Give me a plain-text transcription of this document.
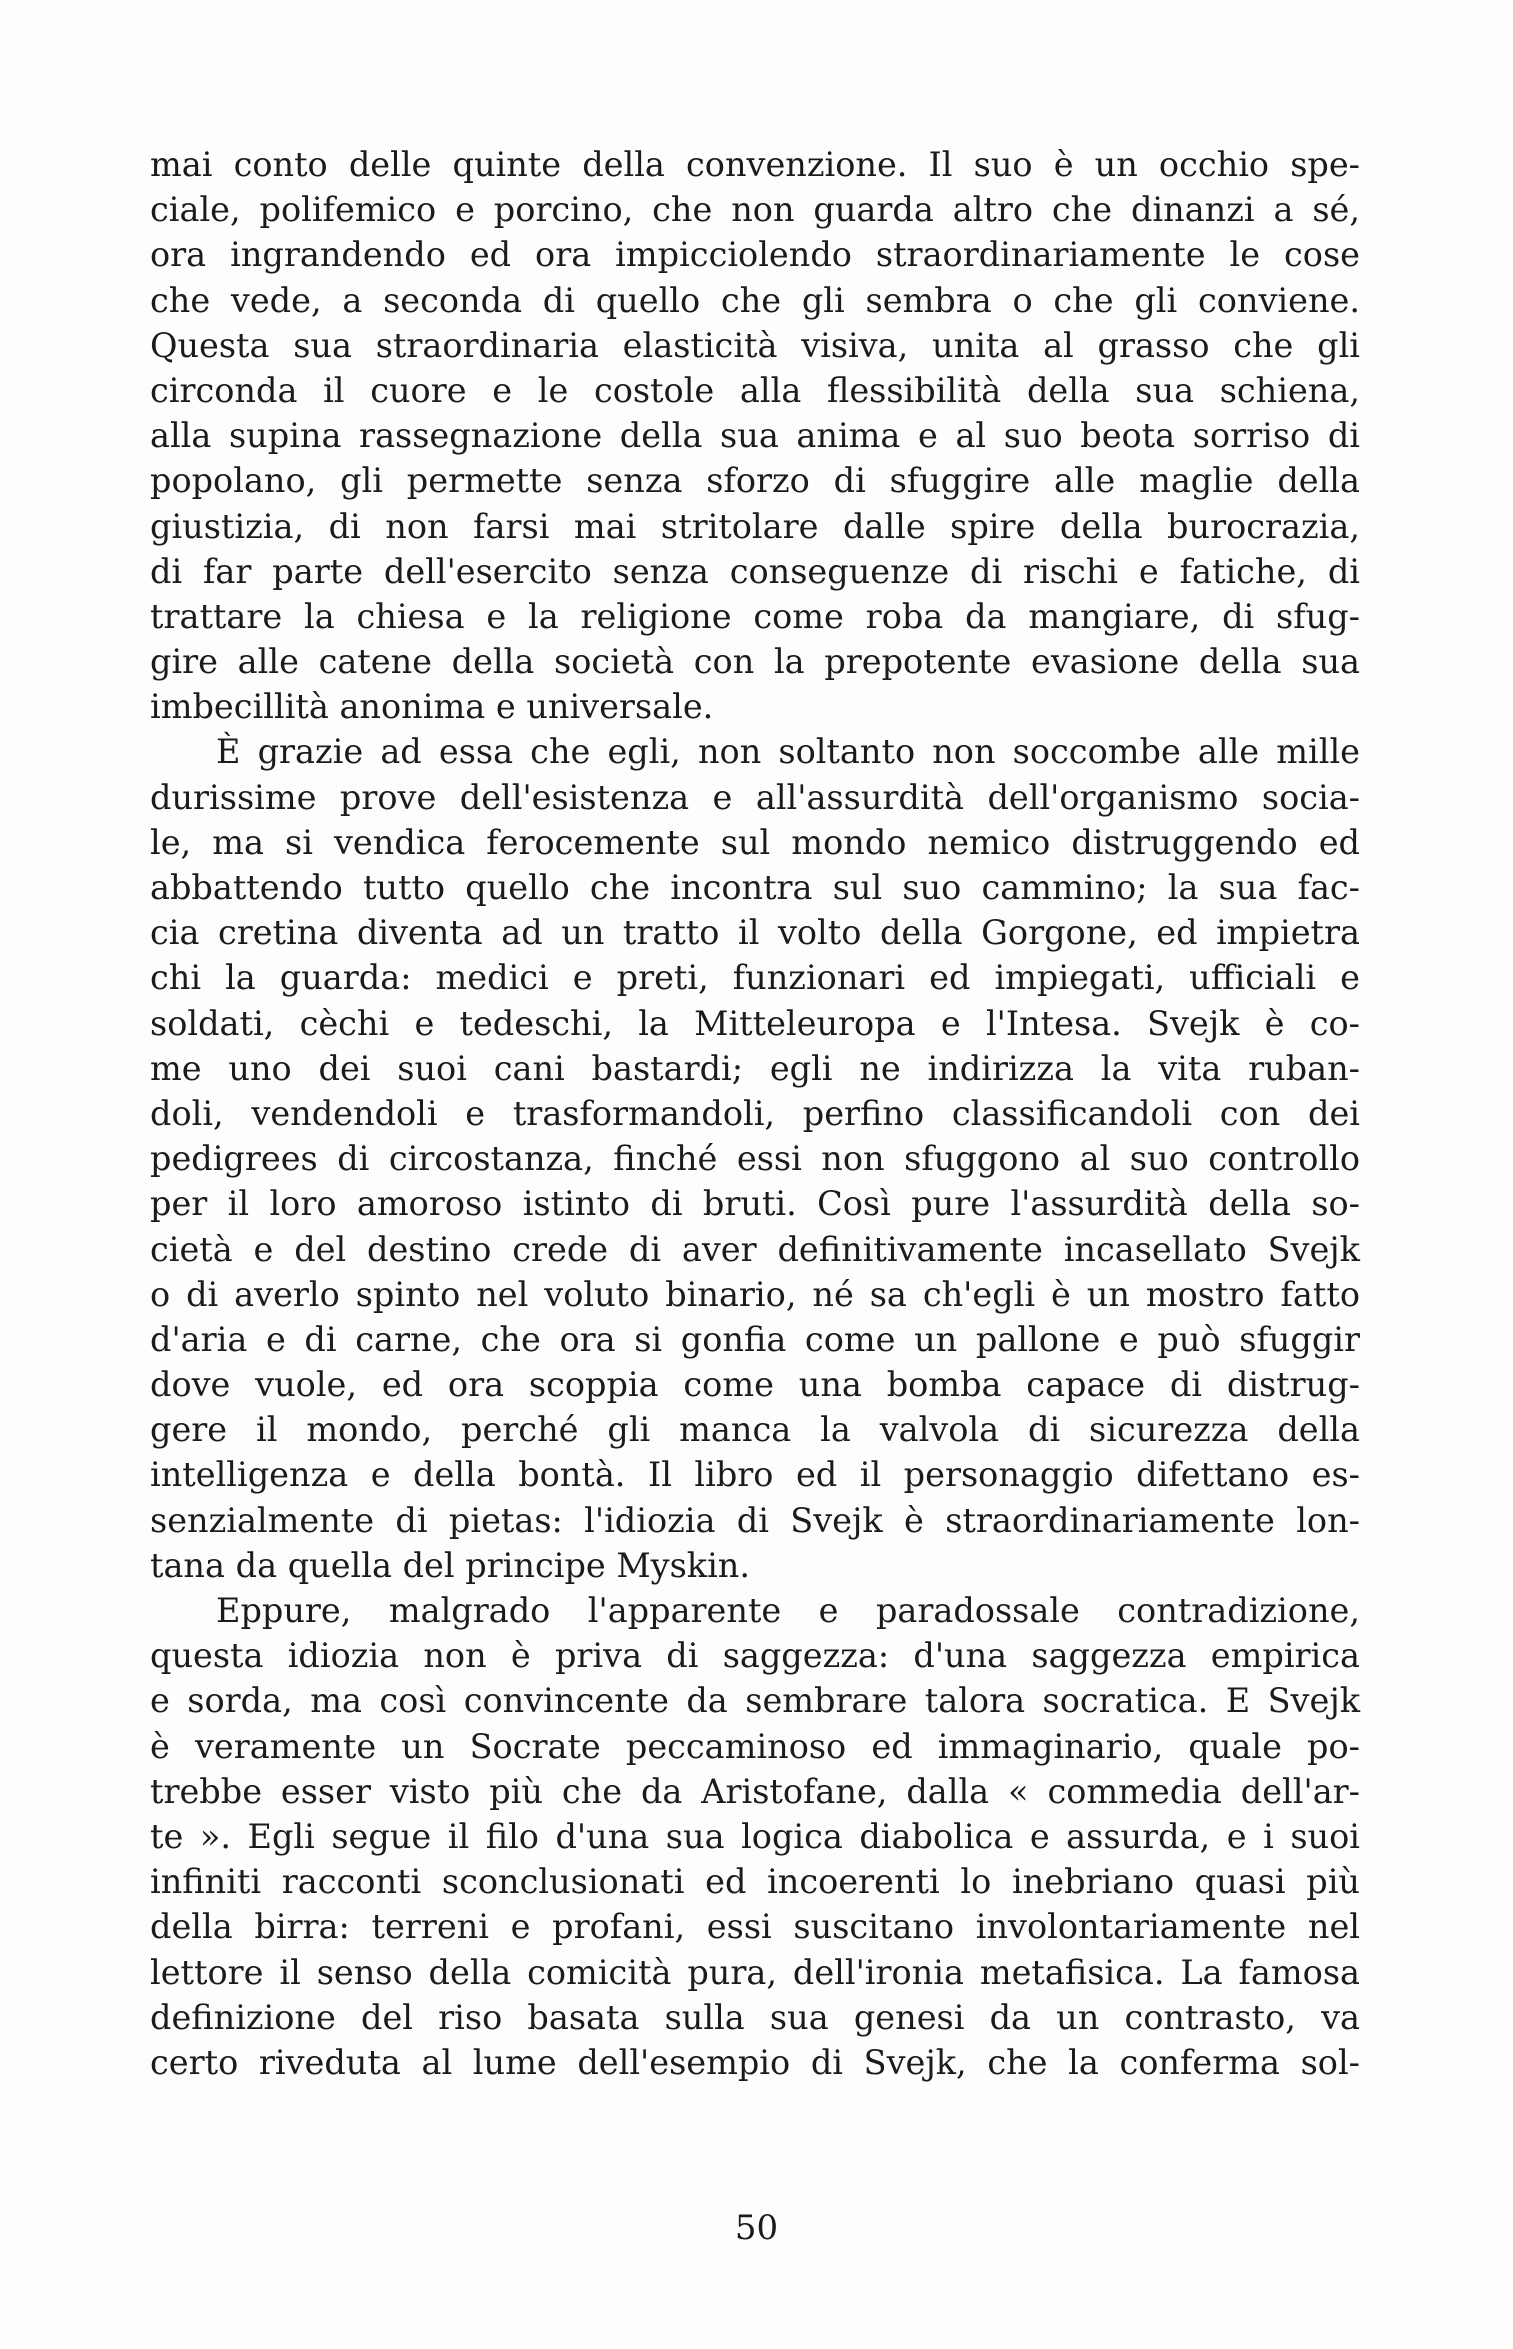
mai conto delle quinte della convenzione. Il suo è un occhio spe-
ciale, polifemico e porcino, che non guarda altro che dinanzi a sé,
ora ingrandendo ed ora impicciolendo straordinariamente le cose
che vede, a seconda di quello che gli sembra o che gli conviene.
Questa sua straordinaria elasticità visiva, unita al grasso che gli
circonda il cuore e le costole alla flessibilità della sua schiena,
alla supina rassegnazione della sua anima e al suo beota sorriso di
popolano, gli permette senza sforzo di sfuggire alle maglie della
giustizia, di non farsi mai stritolare dalle spire della burocrazia,
di far parte dell'esercito senza conseguenze di rischi e fatiche, di
trattare la chiesa e la religione come roba da mangiare, di sfug-
gire alle catene della società con la prepotente evasione della sua
imbecillità anonima e universale.
È grazie ad essa che egli, non soltanto non soccombe alle mille
durissime prove dell'esistenza e all'assurdità dell'organismo socia-
le, ma si vendica ferocemente sul mondo nemico distruggendo ed
abbattendo tutto quello che incontra sul suo cammino; la sua fac-
cia cretina diventa ad un tratto il volto della Gorgone, ed impietra
chi la guarda: medici e preti, funzionari ed impiegati, ufficiali e
soldati, cèchi e tedeschi, la Mitteleuropa e l'Intesa. Svejk è co-
me uno dei suoi cani bastardi; egli ne indirizza la vita ruban-
doli, vendendoli e trasformandoli, perfino classificandoli con dei
pedigrees di circostanza, finché essi non sfuggono al suo controllo
per il loro amoroso istinto di bruti. Così pure l'assurdità della so-
cietà e del destino crede di aver definitivamente incasellato Svejk
o di averlo spinto nel voluto binario, né sa ch'egli è un mostro fatto
d'aria e di carne, che ora si gonfia come un pallone e può sfuggir
dove vuole, ed ora scoppia come una bomba capace di distrug-
gere il mondo, perché gli manca la valvola di sicurezza della
intelligenza e della bontà. Il libro ed il personaggio difettano es-
senzialmente di pietas: l'idiozia di Svejk è straordinariamente lon-
tana da quella del principe Myskin.
Eppure, malgrado l'apparente e paradossale contradizione,
questa idiozia non è priva di saggezza: d'una saggezza empirica
e sorda, ma così convincente da sembrare talora socratica. E Svejk
è veramente un Socrate peccaminoso ed immaginario, quale po-
trebbe esser visto più che da Aristofane, dalla « commedia dell'ar-
te ». Egli segue il filo d'una sua logica diabolica e assurda, e i suoi
infiniti racconti sconclusionati ed incoerenti lo inebriano quasi più
della birra: terreni e profani, essi suscitano involontariamente nel
lettore il senso della comicità pura, dell'ironia metafisica. La famosa
definizione del riso basata sulla sua genesi da un contrasto, va
certo riveduta al lume dell'esempio di Svejk, che la conferma sol-
50
